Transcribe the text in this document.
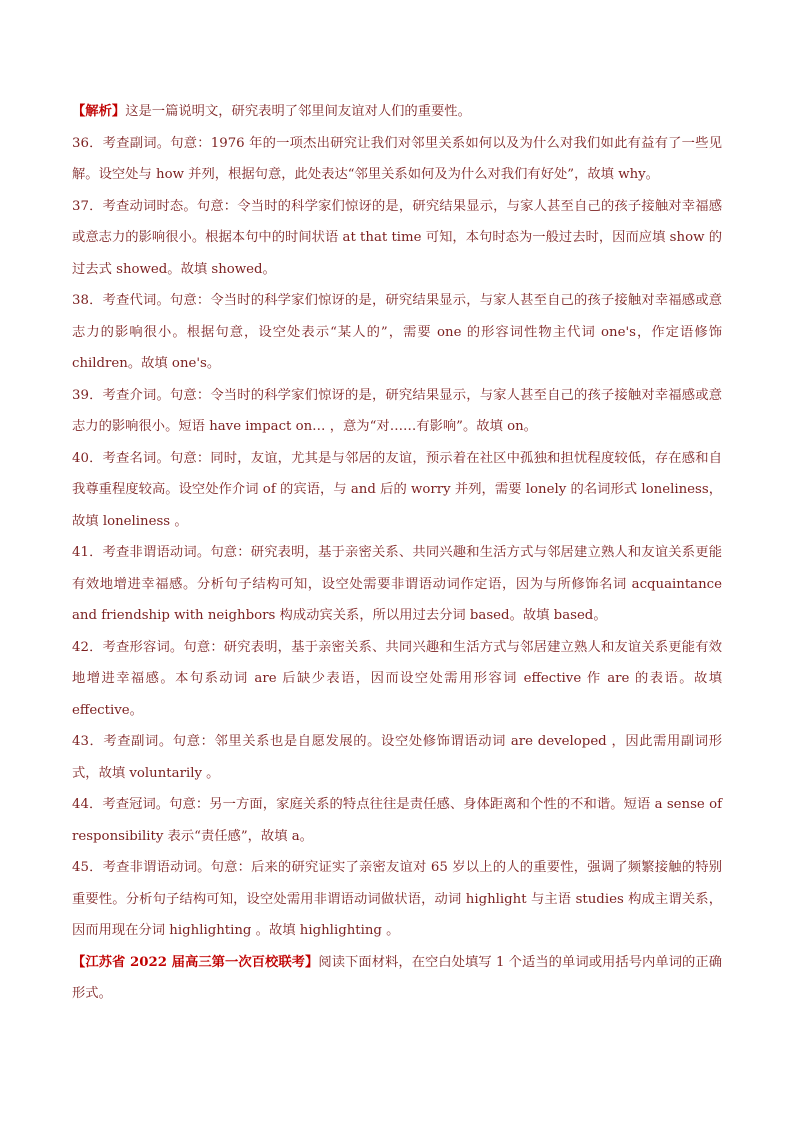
【解析】这是一篇说明文，研究表明了邻里间友谊对人们的重要性。

36．考查副词。句意：1976 年的一项杰出研究让我们对邻里关系如何以及为什么对我们如此有益有了一些见解。设空处与 how 并列，根据句意，此处表达“邻里关系如何及为什么对我们有好处”，故填 why。

37．考查动词时态。句意：令当时的科学家们惊讶的是，研究结果显示，与家人甚至自己的孩子接触对幸福感或意志力的影响很小。根据本句中的时间状语 at that time 可知，本句时态为一般过去时，因而应填 show 的过去式 showed。故填 showed。

38．考查代词。句意：令当时的科学家们惊讶的是，研究结果显示，与家人甚至自己的孩子接触对幸福感或意志力的影响很小。根据句意，设空处表示“某人的”，需要 one 的形容词性物主代词 one's，作定语修饰 children。故填 one's。

39．考查介词。句意：令当时的科学家们惊讶的是，研究结果显示，与家人甚至自己的孩子接触对幸福感或意志力的影响很小。短语 have impact on… ，意为“对……有影响”。故填 on。

40．考查名词。句意：同时，友谊，尤其是与邻居的友谊，预示着在社区中孤独和担忧程度较低，存在感和自我尊重程度较高。设空处作介词 of 的宾语，与 and 后的 worry 并列，需要 lonely 的名词形式 loneliness，故填 loneliness 。

41．考查非谓语动词。句意：研究表明，基于亲密关系、共同兴趣和生活方式与邻居建立熟人和友谊关系更能有效地增进幸福感。分析句子结构可知，设空处需要非谓语动词作定语，因为与所修饰名词 acquaintance and friendship with neighbors 构成动宾关系，所以用过去分词 based。故填 based。

42．考查形容词。句意：研究表明，基于亲密关系、共同兴趣和生活方式与邻居建立熟人和友谊关系更能有效地增进幸福感。本句系动词 are 后缺少表语，因而设空处需用形容词 effective 作 are 的表语。故填 effective。

43．考查副词。句意：邻里关系也是自愿发展的。设空处修饰谓语动词 are developed ，因此需用副词形式，故填 voluntarily 。

44．考查冠词。句意：另一方面，家庭关系的特点往往是责任感、身体距离和个性的不和谐。短语 a sense of responsibility 表示“责任感”，故填 a。

45．考查非谓语动词。句意：后来的研究证实了亲密友谊对 65 岁以上的人的重要性，强调了频繁接触的特别重要性。分析句子结构可知，设空处需用非谓语动词做状语，动词 highlight 与主语 studies 构成主谓关系，因而用现在分词 highlighting 。故填 highlighting 。

【江苏省 2022 届高三第一次百校联考】阅读下面材料，在空白处填写 1 个适当的单词或用括号内单词的正确形式。
